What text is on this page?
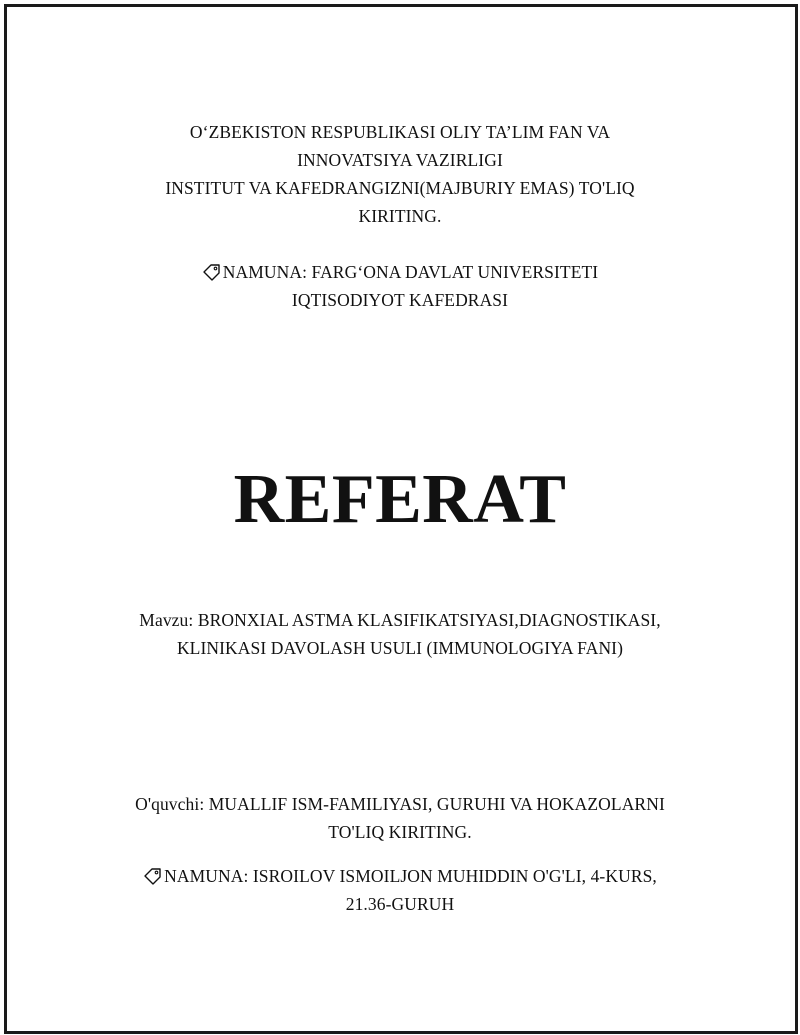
O‘ZBEKISTON RESPUBLIKASI OLIY TA’LIM FAN VA
INNOVATSIYA VAZIRLIGI
INSTITUT VA KAFEDRANGIZNI(MAJBURIY EMAS) TO'LIQ
KIRITING.
NAMUNA: FARG‘ONA DAVLAT UNIVERSITETI
IQTISODIYOT KAFEDRASI
REFERAT
Mavzu: BRONXIAL ASTMA KLASIFIKATSIYASI,DIAGNOSTIKASI,
KLINIKASI DAVOLASH USULI (IMMUNOLOGIYA FANI)
O'quvchi: MUALLIF ISM-FAMILIYASI, GURUHI VA HOKAZOLARNI
TO'LIQ KIRITING.
NAMUNA: ISROILOV ISMOILJON MUHIDDIN O'G'LI, 4-KURS,
21.36-GURUH
